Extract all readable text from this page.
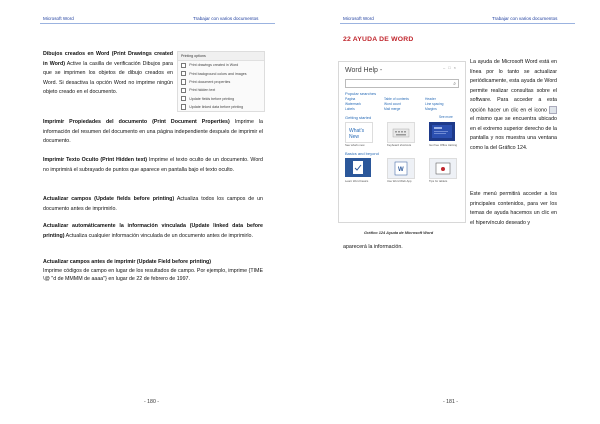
Microsoft Word	Trabajar con varios documentos
Dibujos creados en Word (Print Drawings created in Word) Active la casilla de verificación Dibujos para que se imprimen los objetos de dibujo creados en Word. Si desactiva la opción Word no imprime ningún objeto creado en el documento.
Printing options
Print drawings created in Word
Print background colors and images
Print document properties
Print hidden text
Update fields before printing
Update linked data before printing
Imprimir Propiedades del documento (Print Document Properties) Imprime la información del resumen del documento en una página independiente después de imprimir el documento.
Imprimir Texto Oculto (Print Hidden text) Imprime el texto oculto de un documento. Word no imprimirá el subrayado de puntos que aparece en pantalla bajo el texto oculto.
Actualizar campos (Update fields before printing) Actualiza todos los campos de un documento antes de imprimirlo.
Actualizar automáticamente la información vinculada (Update linked data before printing) Actualiza cualquier información vinculada de un documento antes de imprimirlo.
Actualizar campos antes de imprimir (Update Field before printing)
Imprime códigos de campo en lugar de los resultados de campo. Por ejemplo, imprime {TIME \@ "d de MMMM de aaaa"} en lugar de 22 de febrero de 1997.
- 180 -
Microsoft Word	Trabajar con varios documentos
- 181 -
22 AYUDA DE WORD
Word Help -	–□×
⌕
Popular searches
Pagina
Watermark
Labels
Table of contents
Word count
Mail merge
Header
Line spacing
Margins
Getting started	See more
What's
New
See what's new	Keyboard shortcuts	Get free Office training
Basics and beyond
W
Learn Word basics	Use Word Web App	Tips for tablets
Gráfico 124 Ayuda de Microsoft Word
La ayuda de Microsoft Word está en línea por lo tanto se actualizar periódicamente, esta ayuda de Word permite realizar consultas sobre el software. Para acceder a esta opción hacer un clic en el icono  el mismo que se encuentra ubicado en el extremo superior derecho de la pantalla y nos muestra una ventana como la del Gráfico 124.
Este menú permitirá acceder a los principales contenidos, para ver los temas de ayuda hacemos un clic en el hipervínculo deseado y
aparecerá la información.
